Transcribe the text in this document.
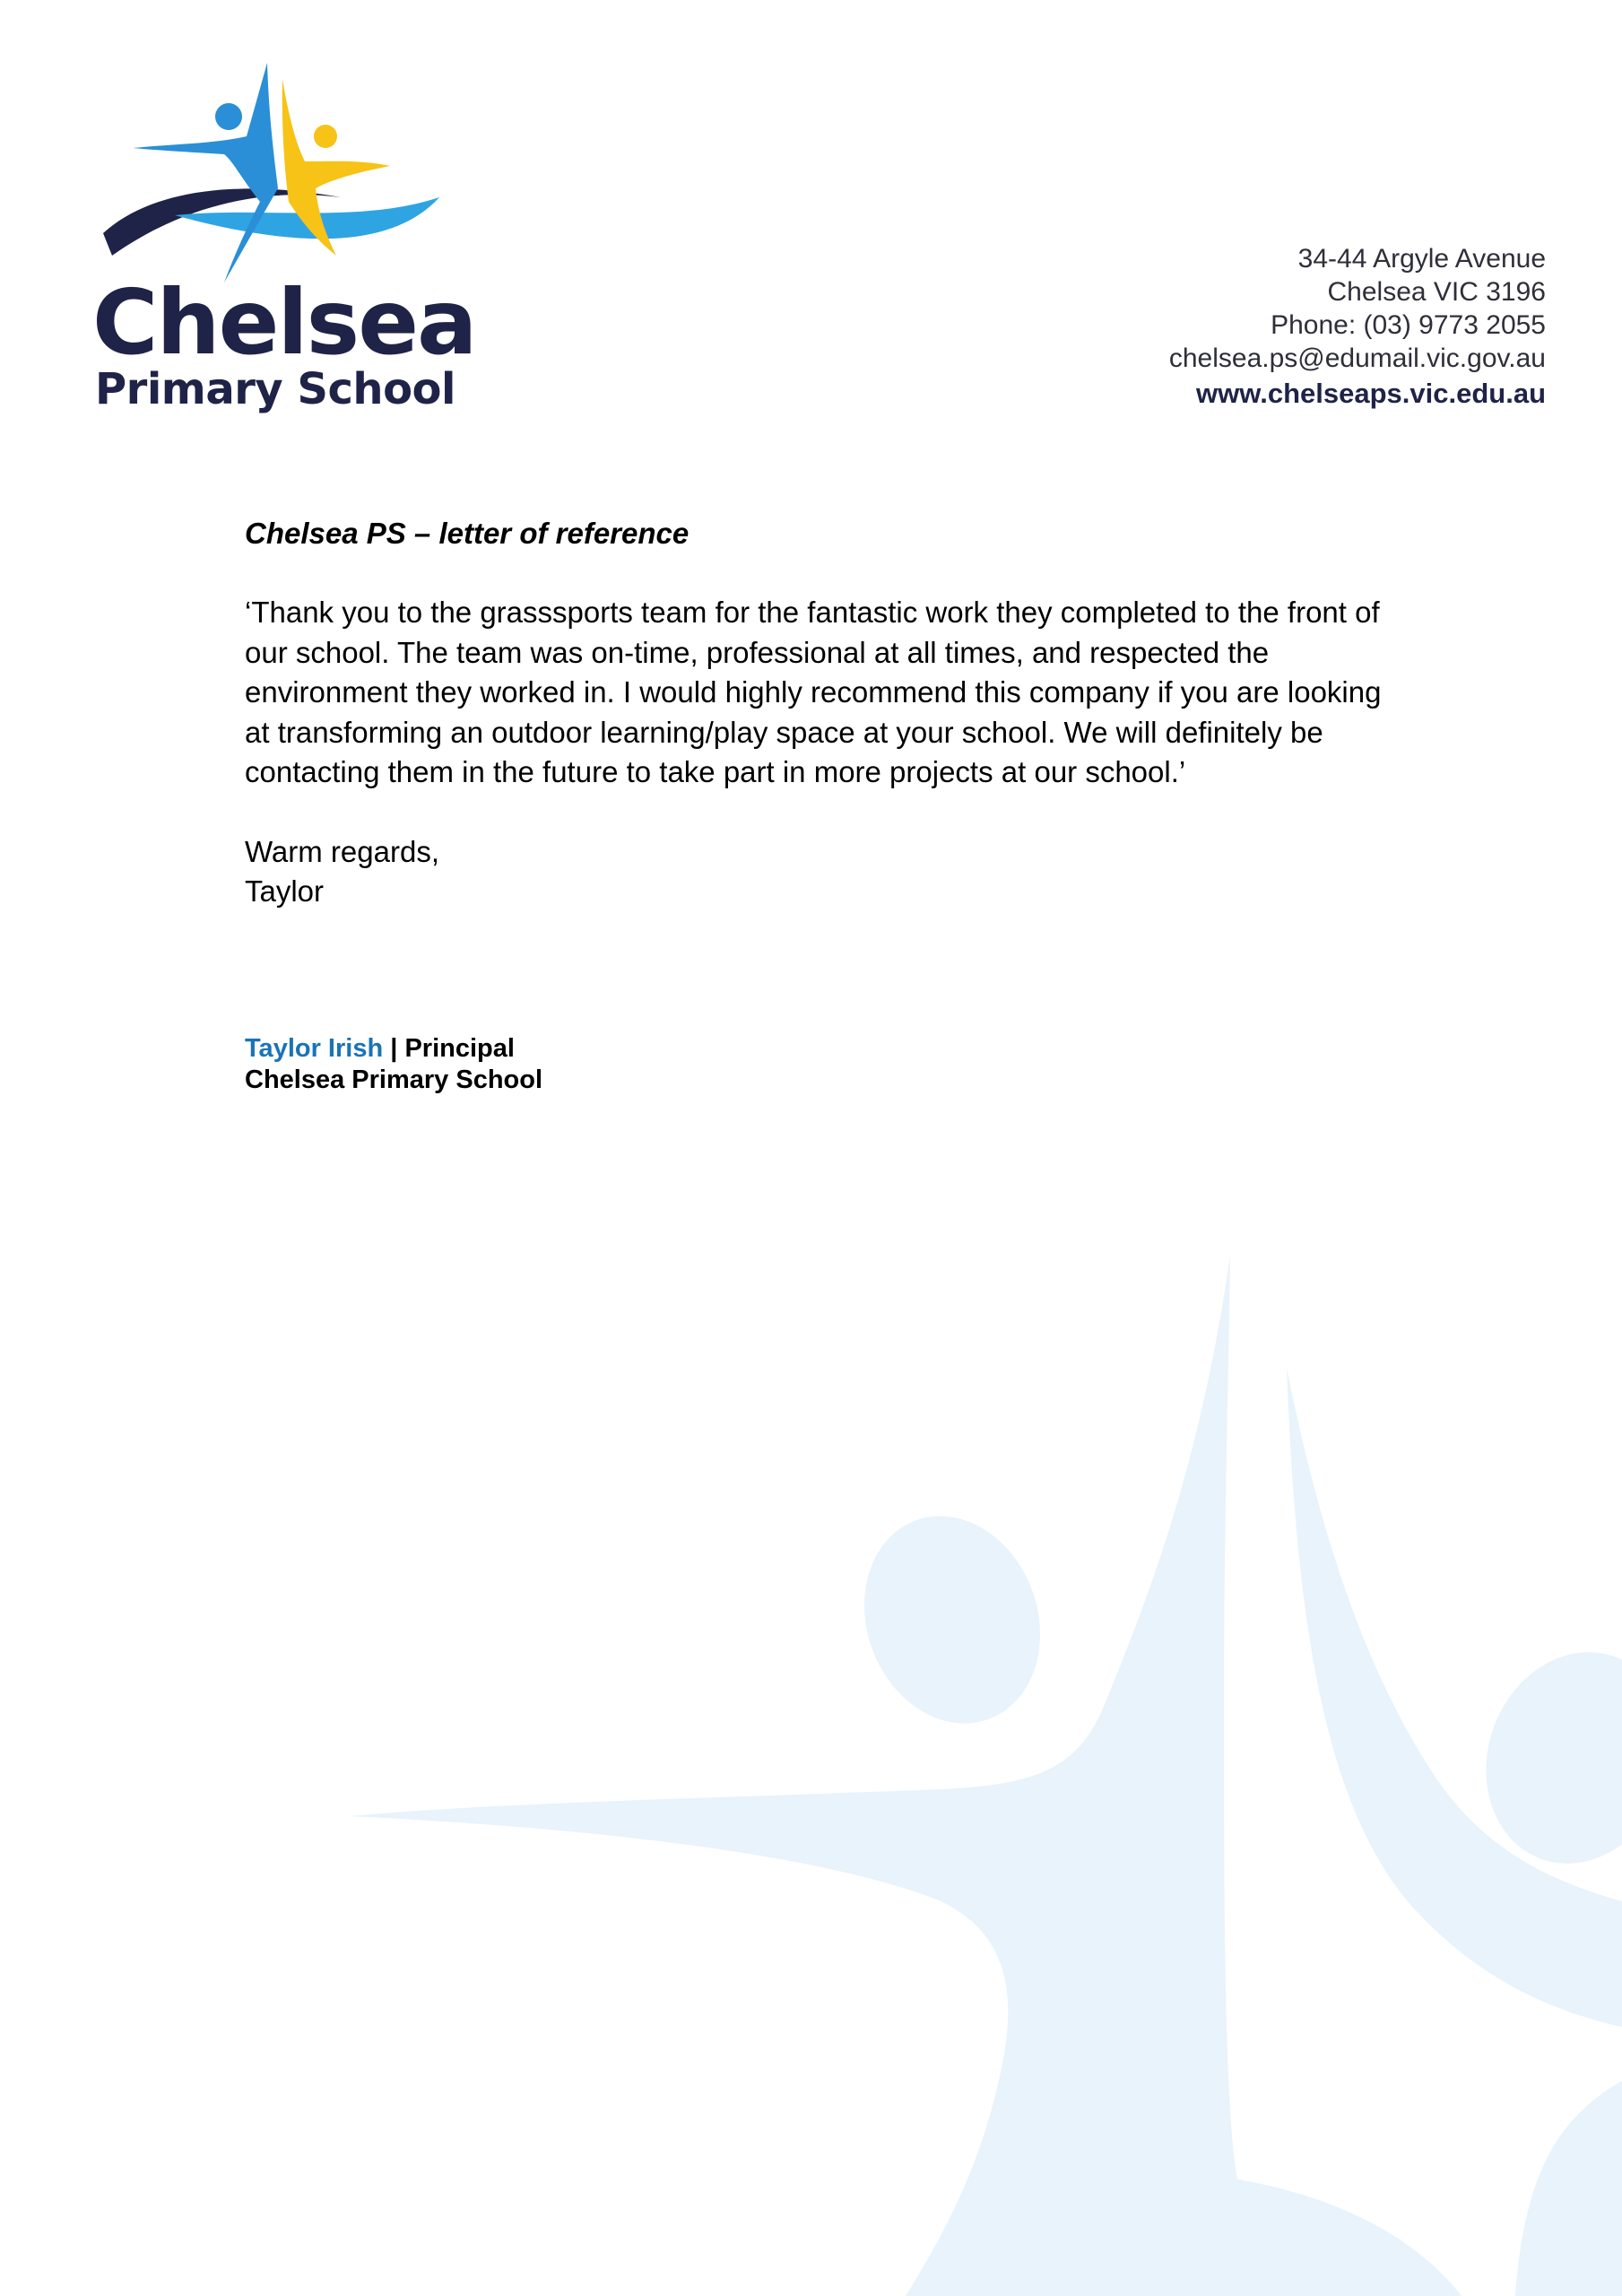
Chelsea
Primary School
34-44 Argyle Avenue
Chelsea VIC 3196
Phone: (03) 9773 2055
chelsea.ps@edumail.vic.gov.au
www.chelseaps.vic.edu.au

Chelsea PS – letter of reference

‘Thank you to the grasssports team for the fantastic work they completed to the front of our school. The team was on-time, professional at all times, and respected the environment they worked in. I would highly recommend this company if you are looking at transforming an outdoor learning/play space at your school. We will definitely be contacting them in the future to take part in more projects at our school.’

Warm regards,

Taylor

Taylor Irish | Principal
Chelsea Primary School
